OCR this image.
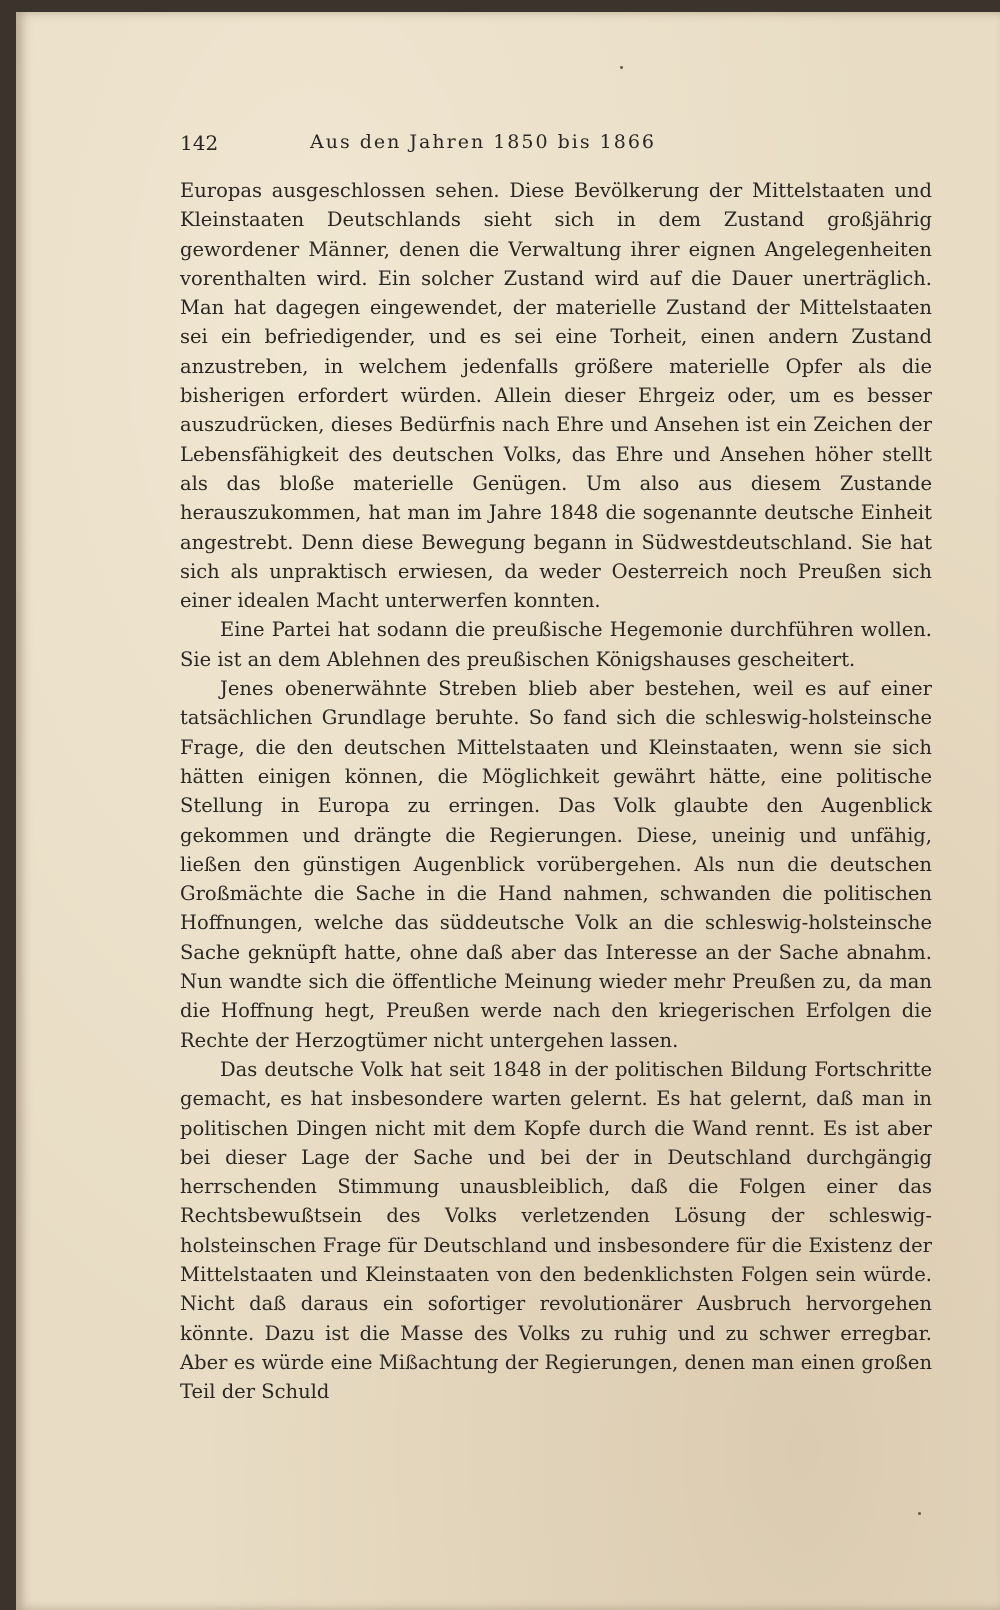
142	Aus den Jahren 1850 bis 1866

Europas ausgeschlossen sehen. Diese Bevölkerung der Mittelstaaten und Kleinstaaten Deutschlands sieht sich in dem Zustand großjährig gewordener Männer, denen die Verwaltung ihrer eignen Angelegenheiten vorenthalten wird. Ein solcher Zustand wird auf die Dauer unerträglich. Man hat dagegen eingewendet, der materielle Zustand der Mittelstaaten sei ein befriedigender, und es sei eine Torheit, einen andern Zustand anzustreben, in welchem jedenfalls größere materielle Opfer als die bisherigen erfordert würden. Allein dieser Ehrgeiz oder, um es besser auszudrücken, dieses Bedürfnis nach Ehre und Ansehen ist ein Zeichen der Lebensfähigkeit des deutschen Volks, das Ehre und Ansehen höher stellt als das bloße materielle Genügen. Um also aus diesem Zustande herauszukommen, hat man im Jahre 1848 die sogenannte deutsche Einheit angestrebt. Denn diese Bewegung begann in Südwestdeutschland. Sie hat sich als unpraktisch erwiesen, da weder Oesterreich noch Preußen sich einer idealen Macht unterwerfen konnten.

Eine Partei hat sodann die preußische Hegemonie durchführen wollen. Sie ist an dem Ablehnen des preußischen Königshauses gescheitert.

Jenes obenerwähnte Streben blieb aber bestehen, weil es auf einer tatsächlichen Grundlage beruhte. So fand sich die schleswig-holsteinsche Frage, die den deutschen Mittelstaaten und Kleinstaaten, wenn sie sich hätten einigen können, die Möglichkeit gewährt hätte, eine politische Stellung in Europa zu erringen. Das Volk glaubte den Augenblick gekommen und drängte die Regierungen. Diese, uneinig und unfähig, ließen den günstigen Augenblick vorübergehen. Als nun die deutschen Großmächte die Sache in die Hand nahmen, schwanden die politischen Hoffnungen, welche das süddeutsche Volk an die schleswig-holsteinsche Sache geknüpft hatte, ohne daß aber das Interesse an der Sache abnahm. Nun wandte sich die öffentliche Meinung wieder mehr Preußen zu, da man die Hoffnung hegt, Preußen werde nach den kriegerischen Erfolgen die Rechte der Herzogtümer nicht untergehen lassen.

Das deutsche Volk hat seit 1848 in der politischen Bildung Fortschritte gemacht, es hat insbesondere warten gelernt. Es hat gelernt, daß man in politischen Dingen nicht mit dem Kopfe durch die Wand rennt. Es ist aber bei dieser Lage der Sache und bei der in Deutschland durchgängig herrschenden Stimmung unausbleiblich, daß die Folgen einer das Rechtsbewußtsein des Volks verletzenden Lösung der schleswig-holsteinschen Frage für Deutschland und insbesondere für die Existenz der Mittelstaaten und Kleinstaaten von den bedenklichsten Folgen sein würde. Nicht daß daraus ein sofortiger revolutionärer Ausbruch hervorgehen könnte. Dazu ist die Masse des Volks zu ruhig und zu schwer erregbar. Aber es würde eine Mißachtung der Regierungen, denen man einen großen Teil der Schuld
